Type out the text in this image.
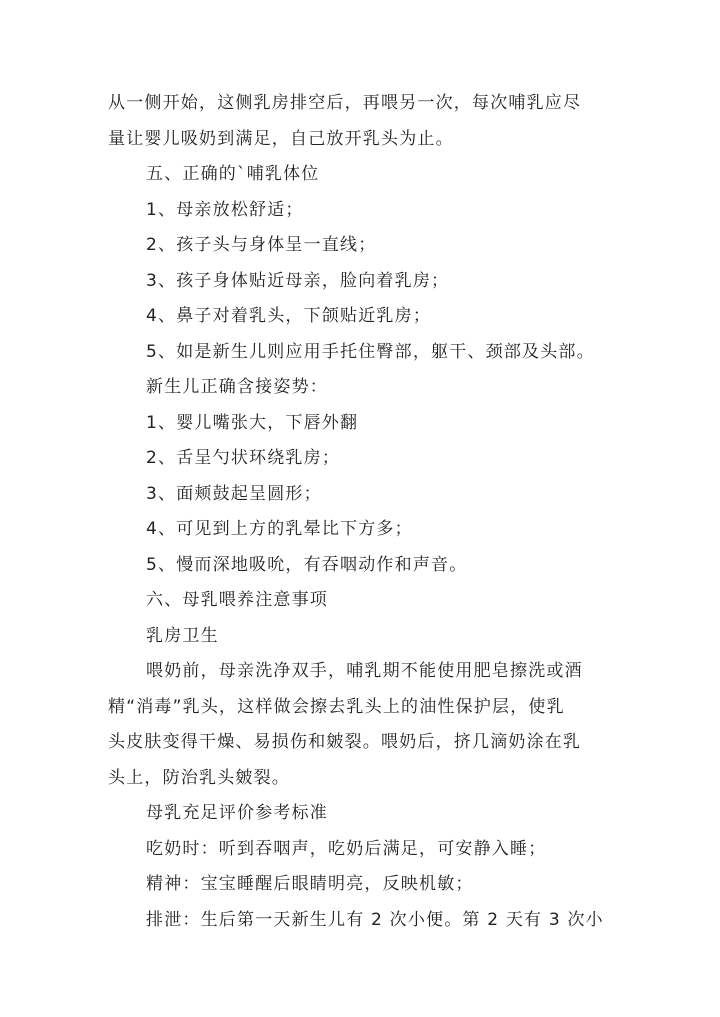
从一侧开始，这侧乳房排空后，再喂另一次，每次哺乳应尽
量让婴儿吸奶到满足，自己放开乳头为止。
五、正确的`哺乳体位
1、母亲放松舒适；
2、孩子头与身体呈一直线；
3、孩子身体贴近母亲，脸向着乳房；
4、鼻子对着乳头，下颌贴近乳房；
5、如是新生儿则应用手托住臀部，躯干、颈部及头部。
新生儿正确含接姿势：
1、婴儿嘴张大，下唇外翻
2、舌呈勺状环绕乳房；
3、面颊鼓起呈圆形；
4、可见到上方的乳晕比下方多；
5、慢而深地吸吮，有吞咽动作和声音。
六、母乳喂养注意事项
乳房卫生
喂奶前，母亲洗净双手，哺乳期不能使用肥皂擦洗或酒
精“消毒”乳头，这样做会擦去乳头上的油性保护层，使乳
头皮肤变得干燥、易损伤和皴裂。喂奶后，挤几滴奶涂在乳
头上，防治乳头皴裂。
母乳充足评价参考标准
吃奶时：听到吞咽声，吃奶后满足，可安静入睡；
精神：宝宝睡醒后眼睛明亮，反映机敏；
排泄：生后第一天新生儿有 2 次小便。第 2 天有 3 次小
